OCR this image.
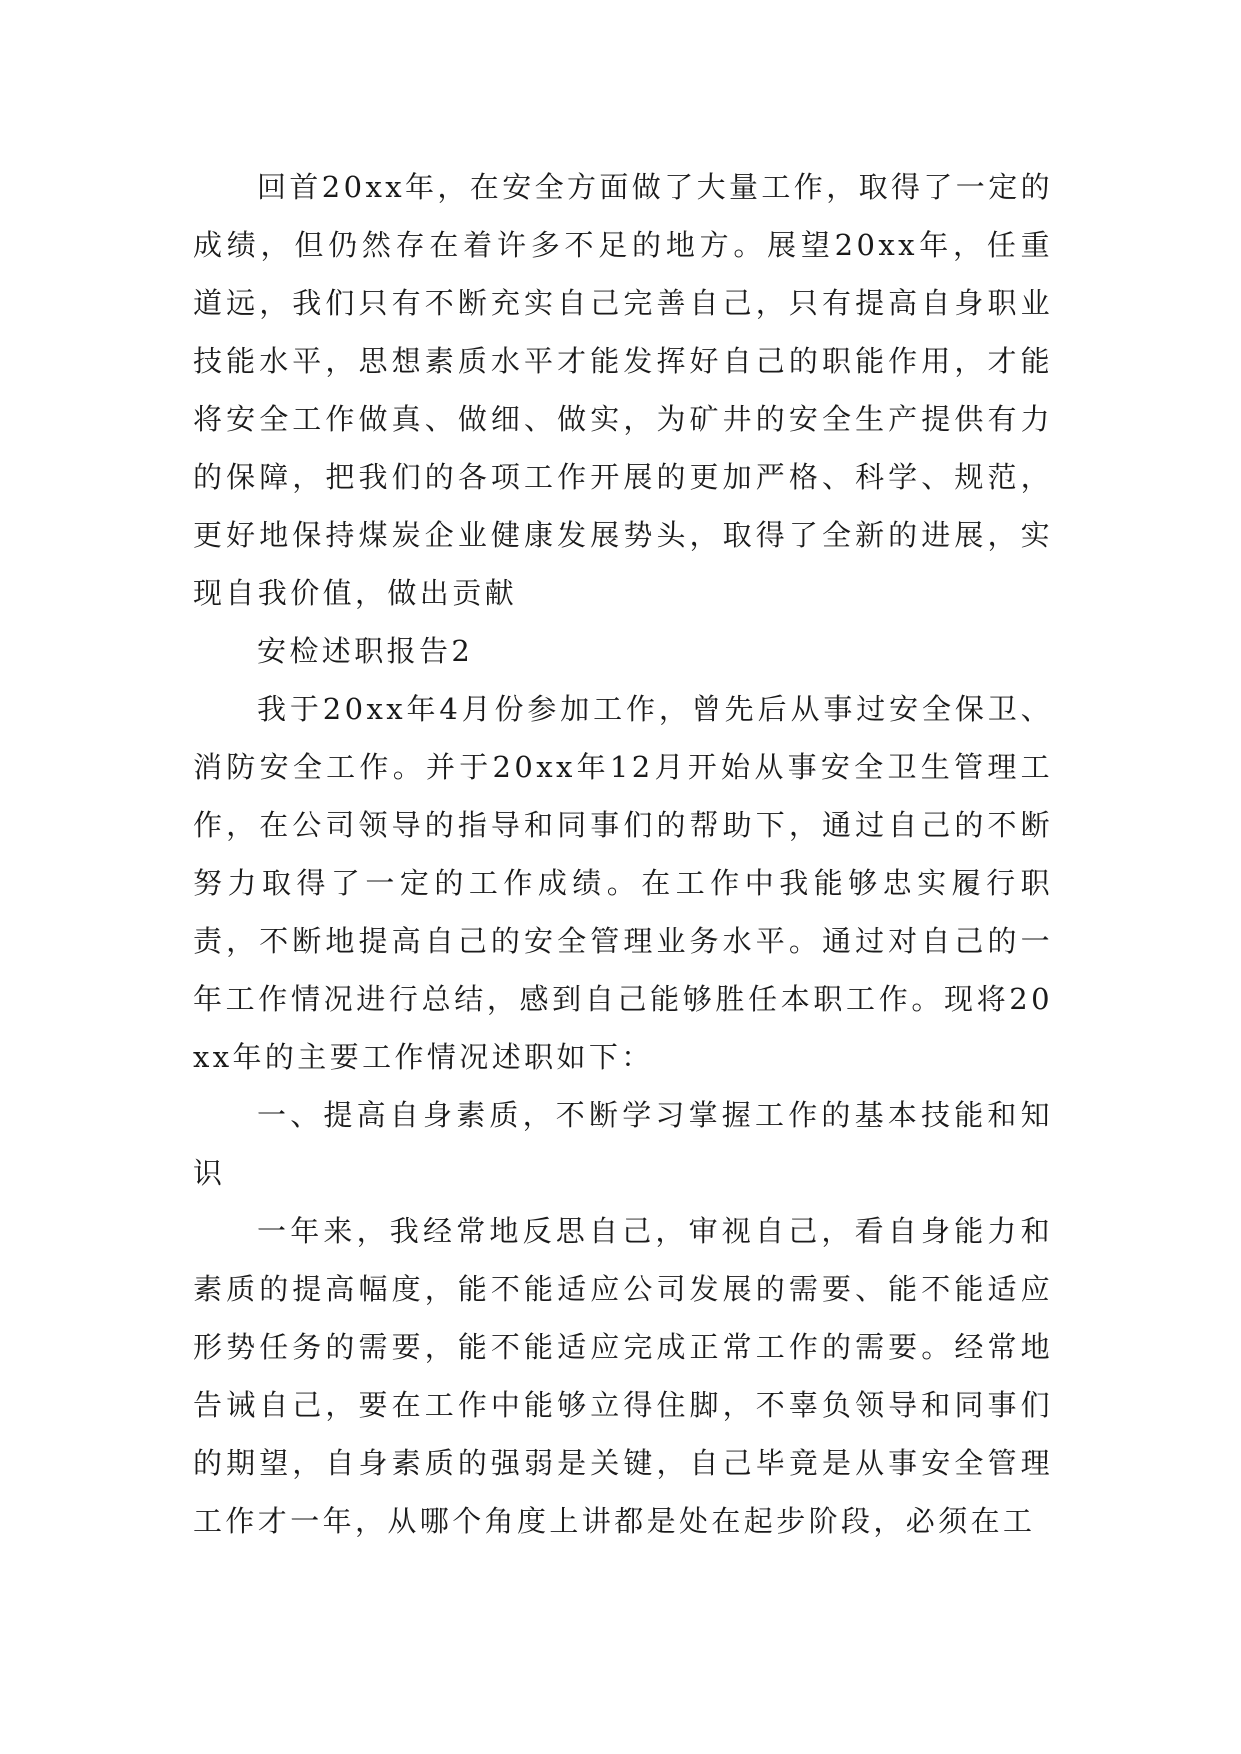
回首20xx年，在安全方面做了大量工作，取得了一定的成绩，但仍然存在着许多不足的地方。展望20xx年，任重道远，我们只有不断充实自己完善自己，只有提高自身职业技能水平，思想素质水平才能发挥好自己的职能作用，才能将安全工作做真、做细、做实，为矿井的安全生产提供有力的保障，把我们的各项工作开展的更加严格、科学、规范，更好地保持煤炭企业健康发展势头，取得了全新的进展，实现自我价值，做出贡献

安检述职报告2

我于20xx年4月份参加工作，曾先后从事过安全保卫、消防安全工作。并于20xx年12月开始从事安全卫生管理工作，在公司领导的指导和同事们的帮助下，通过自己的不断努力取得了一定的工作成绩。在工作中我能够忠实履行职责，不断地提高自己的安全管理业务水平。通过对自己的一年工作情况进行总结，感到自己能够胜任本职工作。现将20xx年的主要工作情况述职如下：

一、提高自身素质，不断学习掌握工作的基本技能和知识

一年来，我经常地反思自己，审视自己，看自身能力和素质的提高幅度，能不能适应公司发展的需要、能不能适应形势任务的需要，能不能适应完成正常工作的需要。经常地告诫自己，要在工作中能够立得住脚，不辜负领导和同事们的期望，自身素质的强弱是关键，自己毕竟是从事安全管理工作才一年，从哪个角度上讲都是处在起步阶段，必须在工
